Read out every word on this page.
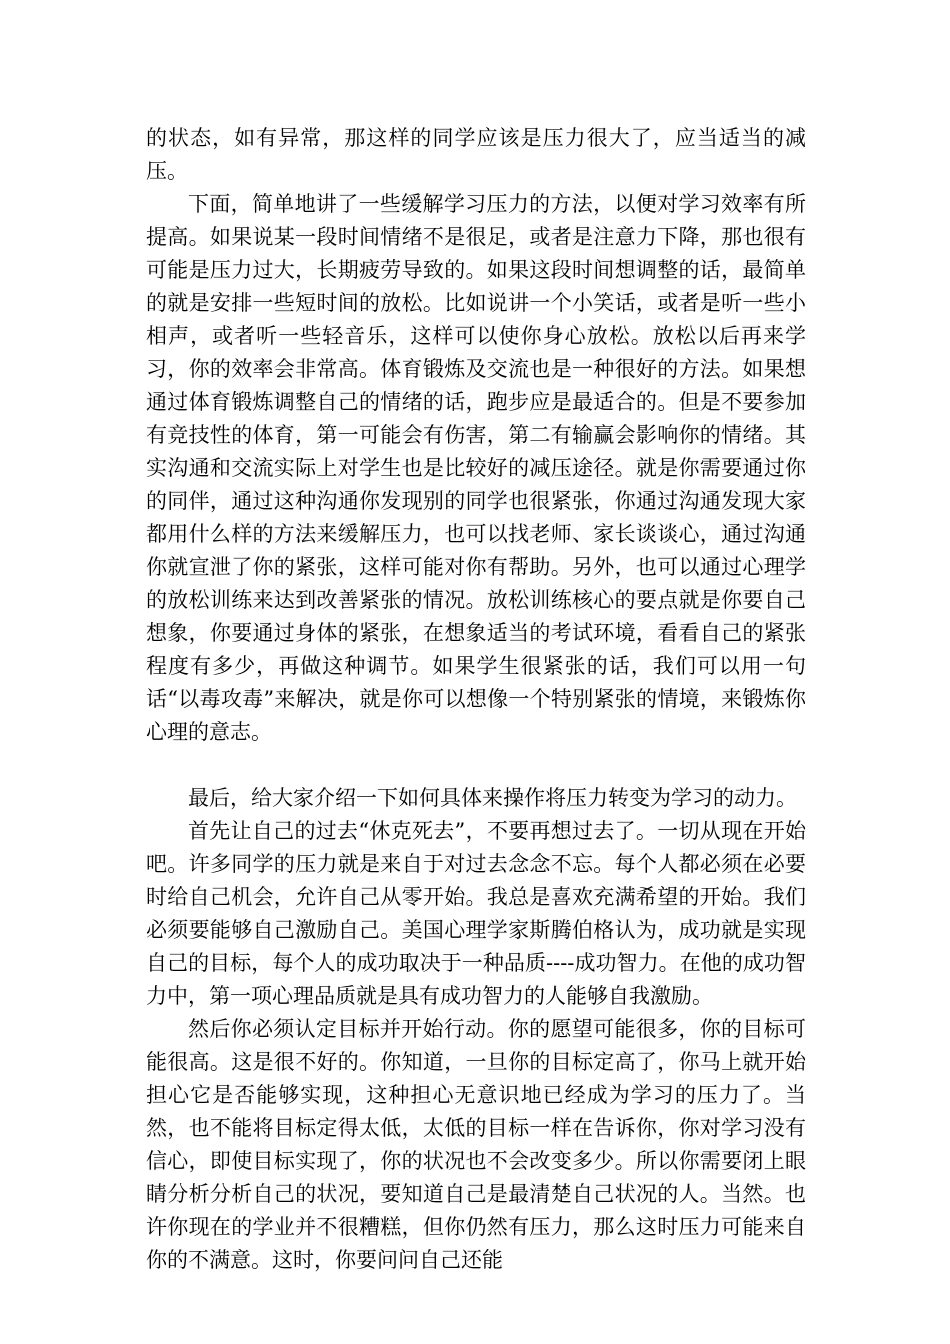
的状态，如有异常，那这样的同学应该是压力很大了，应当适当的减压。

下面，简单地讲了一些缓解学习压力的方法，以便对学习效率有所提高。如果说某一段时间情绪不是很足，或者是注意力下降，那也很有可能是压力过大，长期疲劳导致的。如果这段时间想调整的话，最简单的就是安排一些短时间的放松。比如说讲一个小笑话，或者是听一些小相声，或者听一些轻音乐，这样可以使你身心放松。放松以后再来学习，你的效率会非常高。体育锻炼及交流也是一种很好的方法。如果想通过体育锻炼调整自己的情绪的话，跑步应是最适合的。但是不要参加有竞技性的体育，第一可能会有伤害，第二有输赢会影响你的情绪。其实沟通和交流实际上对学生也是比较好的减压途径。就是你需要通过你的同伴，通过这种沟通你发现别的同学也很紧张，你通过沟通发现大家都用什么样的方法来缓解压力，也可以找老师、家长谈谈心，通过沟通你就宣泄了你的紧张，这样可能对你有帮助。另外，也可以通过心理学的放松训练来达到改善紧张的情况。放松训练核心的要点就是你要自己想象，你要通过身体的紧张，在想象适当的考试环境，看看自己的紧张程度有多少，再做这种调节。如果学生很紧张的话，我们可以用一句话“以毒攻毒”来解决，就是你可以想像一个特别紧张的情境，来锻炼你心理的意志。

最后，给大家介绍一下如何具体来操作将压力转变为学习的动力。

首先让自己的过去“休克死去”，不要再想过去了。一切从现在开始吧。许多同学的压力就是来自于对过去念念不忘。每个人都必须在必要时给自己机会，允许自己从零开始。我总是喜欢充满希望的开始。我们必须要能够自己激励自己。美国心理学家斯腾伯格认为，成功就是实现自己的目标，每个人的成功取决于一种品质----成功智力。在他的成功智力中，第一项心理品质就是具有成功智力的人能够自我激励。

然后你必须认定目标并开始行动。你的愿望可能很多，你的目标可能很高。这是很不好的。你知道，一旦你的目标定高了，你马上就开始担心它是否能够实现，这种担心无意识地已经成为学习的压力了。当然，也不能将目标定得太低，太低的目标一样在告诉你，你对学习没有信心，即使目标实现了，你的状况也不会改变多少。所以你需要闭上眼睛分析分析自己的状况，要知道自己是最清楚自己状况的人。当然。也许你现在的学业并不很糟糕，但你仍然有压力，那么这时压力可能来自你的不满意。这时，你要问问自己还能
